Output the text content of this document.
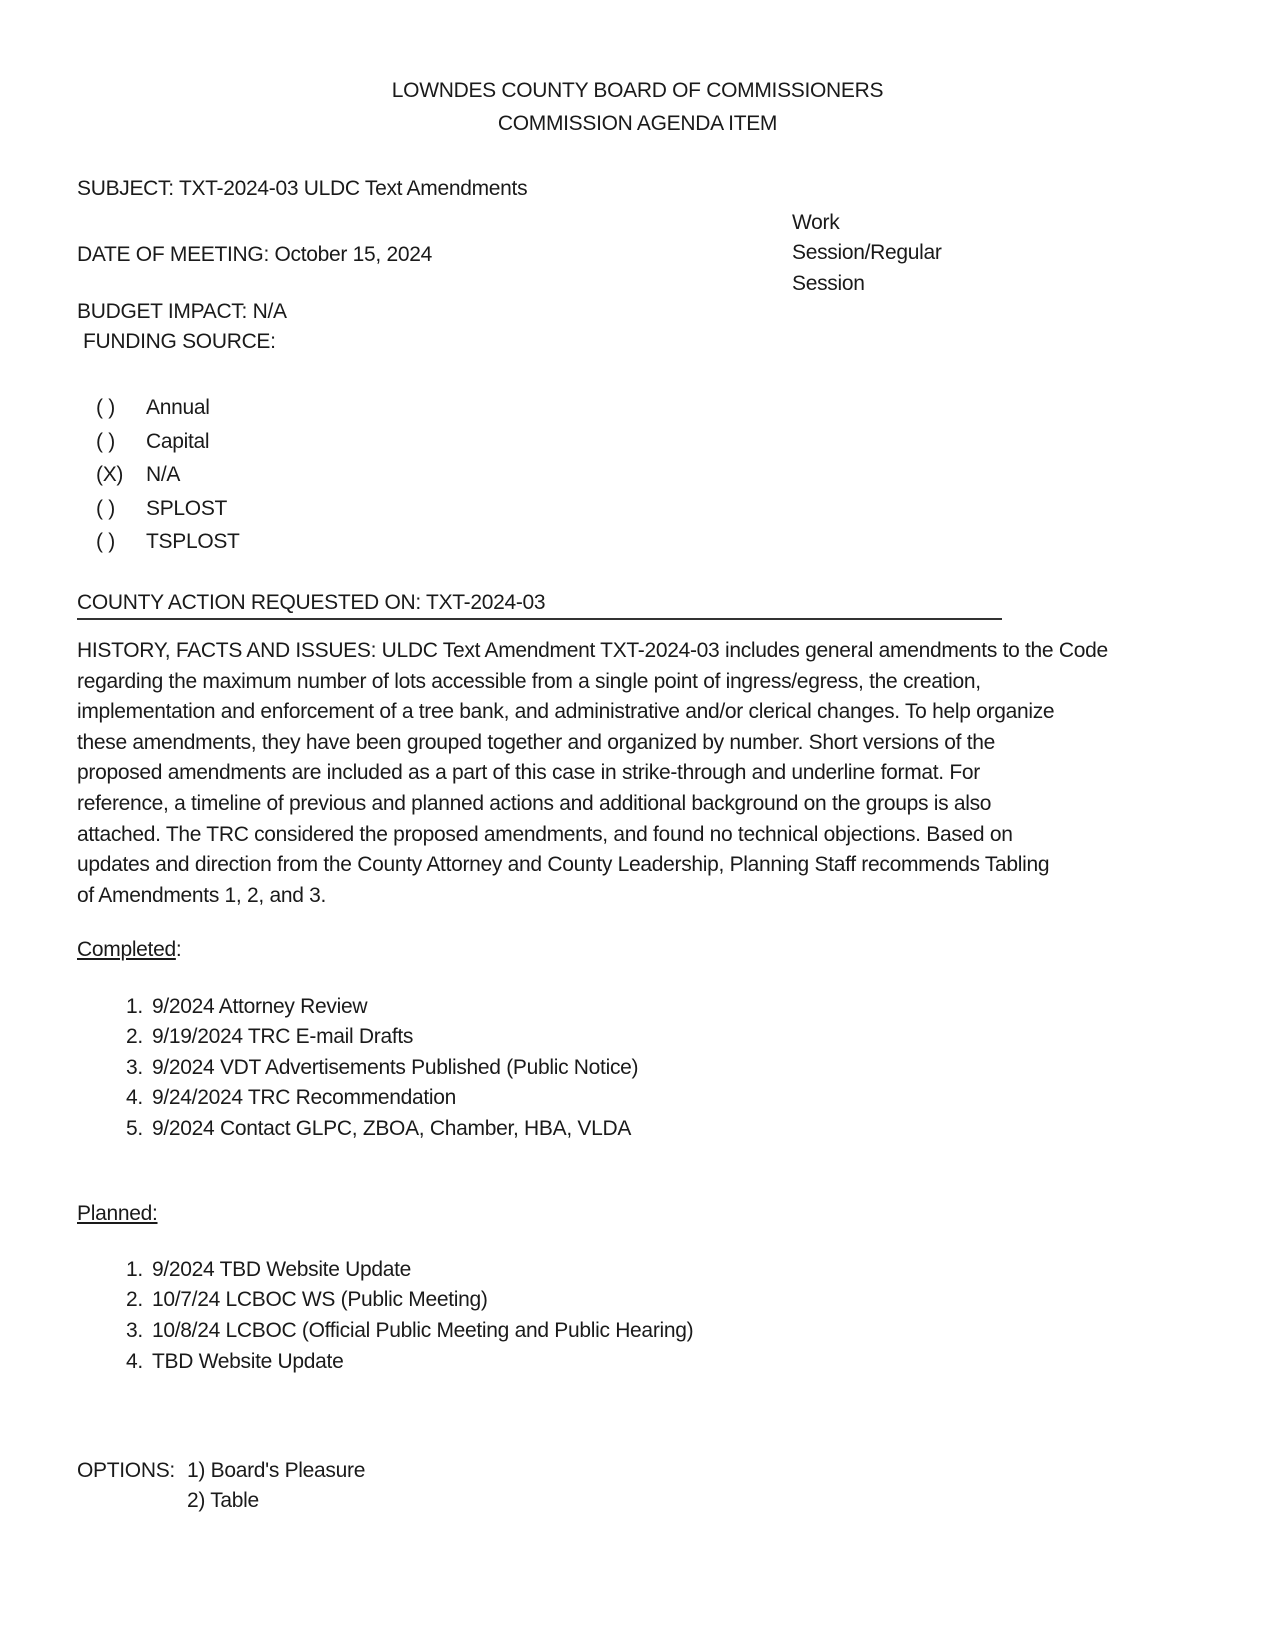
LOWNDES COUNTY BOARD OF COMMISSIONERS
COMMISSION AGENDA ITEM
SUBJECT: TXT-2024-03 ULDC Text Amendments
DATE OF MEETING: October 15, 2024
Work
Session/Regular
Session
BUDGET IMPACT: N/A
FUNDING SOURCE:
( ) Annual
( ) Capital
(X) N/A
( ) SPLOST
( ) TSPLOST
COUNTY ACTION REQUESTED ON: TXT-2024-03
HISTORY, FACTS AND ISSUES: ULDC Text Amendment TXT-2024-03 includes general amendments to the Code
regarding the maximum number of lots accessible from a single point of ingress/egress, the creation,
implementation and enforcement of a tree bank, and administrative and/or clerical changes. To help organize
these amendments, they have been grouped together and organized by number. Short versions of the
proposed amendments are included as a part of this case in strike-through and underline format. For
reference, a timeline of previous and planned actions and additional background on the groups is also
attached. The TRC considered the proposed amendments, and found no technical objections. Based on
updates and direction from the County Attorney and County Leadership, Planning Staff recommends Tabling
of Amendments 1, 2, and 3.
Completed:
1. 9/2024 Attorney Review
2. 9/19/2024 TRC E-mail Drafts
3. 9/2024 VDT Advertisements Published (Public Notice)
4. 9/24/2024 TRC Recommendation
5. 9/2024 Contact GLPC, ZBOA, Chamber, HBA, VLDA
Planned:
1. 9/2024 TBD Website Update
2. 10/7/24 LCBOC WS (Public Meeting)
3. 10/8/24 LCBOC (Official Public Meeting and Public Hearing)
4. TBD Website Update
OPTIONS: 1) Board's Pleasure
2) Table
